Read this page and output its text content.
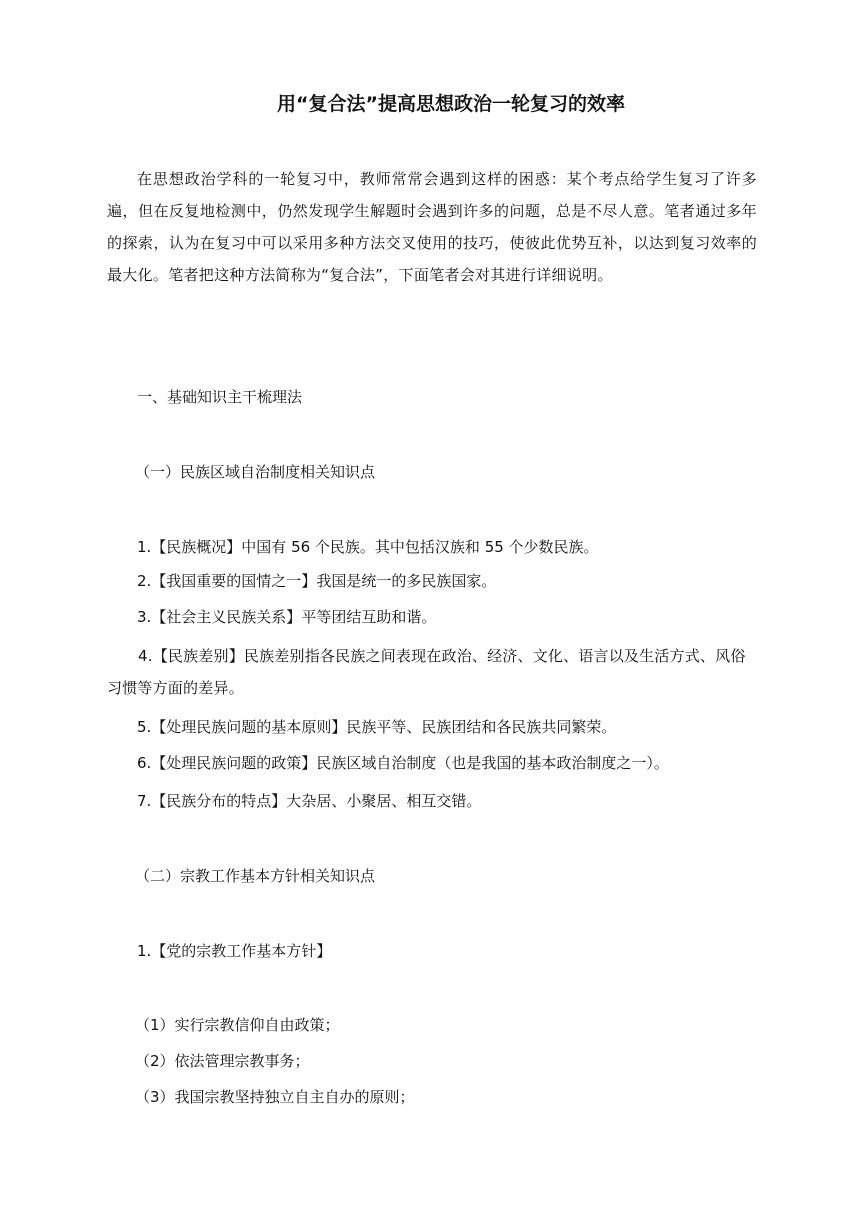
用“复合法”提高思想政治一轮复习的效率

在思想政治学科的一轮复习中，教师常常会遇到这样的困惑：某个考点给学生复习了许多遍，但在反复地检测中，仍然发现学生解题时会遇到许多的问题，总是不尽人意。笔者通过多年的探索，认为在复习中可以采用多种方法交叉使用的技巧，使彼此优势互补，以达到复习效率的最大化。笔者把这种方法简称为“复合法”，下面笔者会对其进行详细说明。

一、基础知识主干梳理法
（一）民族区域自治制度相关知识点
1.【民族概况】中国有 56 个民族。其中包括汉族和 55 个少数民族。
2.【我国重要的国情之一】我国是统一的多民族国家。
3.【社会主义民族关系】平等团结互助和谐。

4.【民族差别】民族差别指各民族之间表现在政治、经济、文化、语言以及生活方式、风俗习惯等方面的差异。

5.【处理民族问题的基本原则】民族平等、民族团结和各民族共同繁荣。
6.【处理民族问题的政策】民族区域自治制度（也是我国的基本政治制度之一）。
7.【民族分布的特点】大杂居、小聚居、相互交错。
（二）宗教工作基本方针相关知识点
1.【党的宗教工作基本方针】
（1）实行宗教信仰自由政策；
（2）依法管理宗教事务；
（3）我国宗教坚持独立自主自办的原则；
